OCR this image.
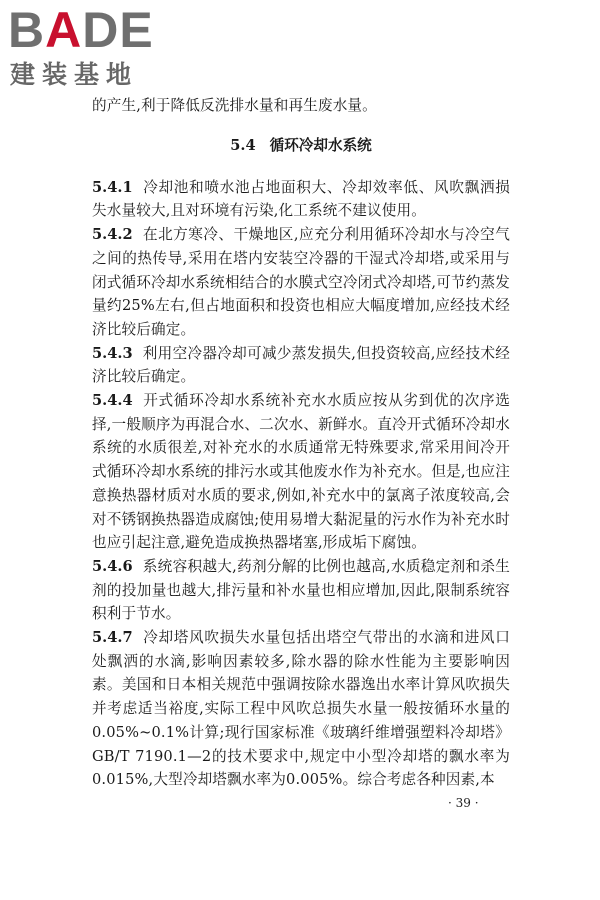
BADE
建装基地

的产生,利于降低反洗排水量和再生废水量。

5.4 循环冷却水系统

5.4.1 冷却池和喷水池占地面积大、冷却效率低、风吹飘洒损失水量较大,且对环境有污染,化工系统不建议使用。

5.4.2 在北方寒冷、干燥地区,应充分利用循环冷却水与冷空气之间的热传导,采用在塔内安装空冷器的干湿式冷却塔,或采用与闭式循环冷却水系统相结合的水膜式空冷闭式冷却塔,可节约蒸发量约25%左右,但占地面积和投资也相应大幅度增加,应经技术经济比较后确定。

5.4.3 利用空冷器冷却可减少蒸发损失,但投资较高,应经技术经济比较后确定。

5.4.4 开式循环冷却水系统补充水水质应按从劣到优的次序选择,一般顺序为再混合水、二次水、新鲜水。直冷开式循环冷却水系统的水质很差,对补充水的水质通常无特殊要求,常采用间冷开式循环冷却水系统的排污水或其他废水作为补充水。但是,也应注意换热器材质对水质的要求,例如,补充水中的氯离子浓度较高,会对不锈钢换热器造成腐蚀;使用易增大黏泥量的污水作为补充水时也应引起注意,避免造成换热器堵塞,形成垢下腐蚀。

5.4.6 系统容积越大,药剂分解的比例也越高,水质稳定剂和杀生剂的投加量也越大,排污量和补水量也相应增加,因此,限制系统容积利于节水。

5.4.7 冷却塔风吹损失水量包括出塔空气带出的水滴和进风口处飘洒的水滴,影响因素较多,除水器的除水性能为主要影响因素。美国和日本相关规范中强调按除水器逸出水率计算风吹损失并考虑适当裕度,实际工程中风吹总损失水量一般按循环水量的0.05%~0.1%计算;现行国家标准《玻璃纤维增强塑料冷却塔》GB/T 7190.1—2的技术要求中,规定中小型冷却塔的飘水率为0.015%,大型冷却塔飘水率为0.005%。综合考虑各种因素,本

· 39 ·
